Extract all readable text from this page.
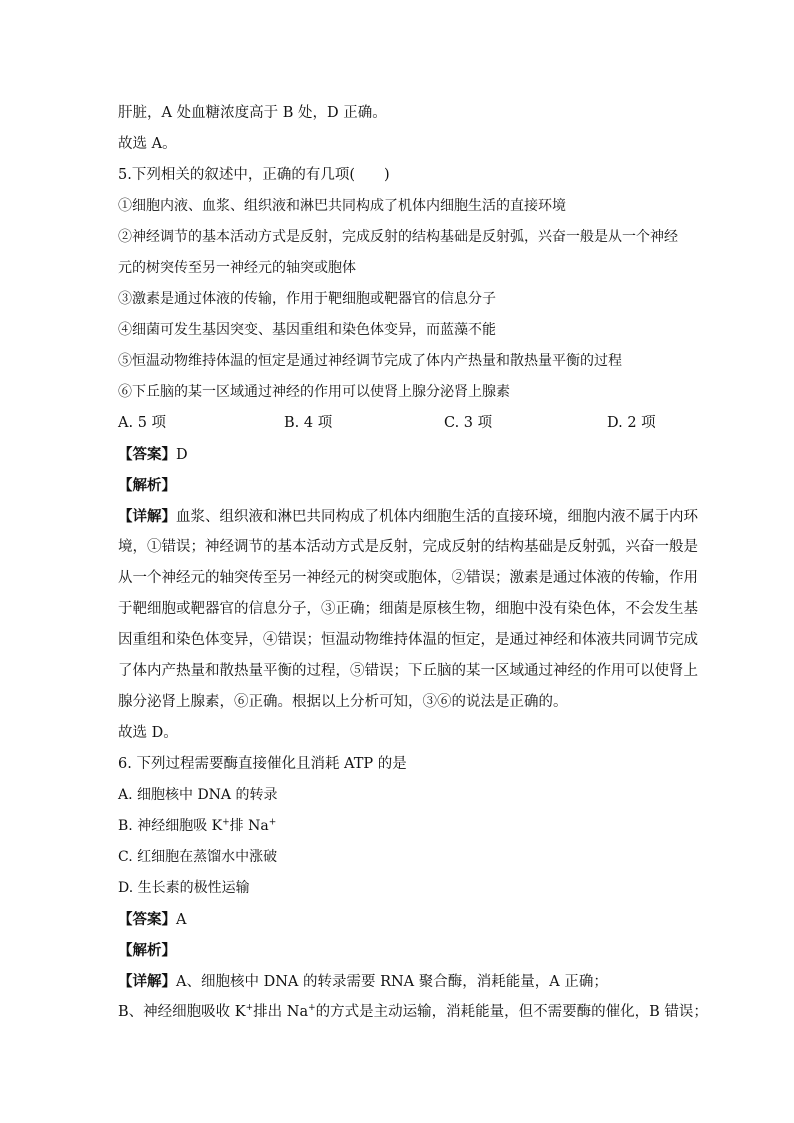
肝脏，A 处血糖浓度高于 B 处，D 正确。
故选 A。
5.下列相关的叙述中，正确的有几项(　　)
①细胞内液、血浆、组织液和淋巴共同构成了机体内细胞生活的直接环境
②神经调节的基本活动方式是反射，完成反射的结构基础是反射弧，兴奋一般是从一个神经
元的树突传至另一神经元的轴突或胞体
③激素是通过体液的传输，作用于靶细胞或靶器官的信息分子
④细菌可发生基因突变、基因重组和染色体变异，而蓝藻不能
⑤恒温动物维持体温的恒定是通过神经调节完成了体内产热量和散热量平衡的过程
⑥下丘脑的某一区域通过神经的作用可以使肾上腺分泌肾上腺素
A. 5 项	B. 4 项	C. 3 项	D. 2 项
【答案】D
【解析】
【详解】血浆、组织液和淋巴共同构成了机体内细胞生活的直接环境，细胞内液不属于内环
境，①错误；神经调节的基本活动方式是反射，完成反射的结构基础是反射弧，兴奋一般是
从一个神经元的轴突传至另一神经元的树突或胞体，②错误；激素是通过体液的传输，作用
于靶细胞或靶器官的信息分子，③正确；细菌是原核生物，细胞中没有染色体，不会发生基
因重组和染色体变异，④错误；恒温动物维持体温的恒定，是通过神经和体液共同调节完成
了体内产热量和散热量平衡的过程，⑤错误；下丘脑的某一区域通过神经的作用可以使肾上
腺分泌肾上腺素，⑥正确。根据以上分析可知，③⑥的说法是正确的。
故选 D。
6. 下列过程需要酶直接催化且消耗 ATP 的是
A. 细胞核中 DNA 的转录
B. 神经细胞吸 K+排 Na+
C. 红细胞在蒸馏水中涨破
D. 生长素的极性运输
【答案】A
【解析】
【详解】A、细胞核中 DNA 的转录需要 RNA 聚合酶，消耗能量，A 正确；
B、神经细胞吸收 K+排出 Na+的方式是主动运输，消耗能量，但不需要酶的催化，B 错误；
